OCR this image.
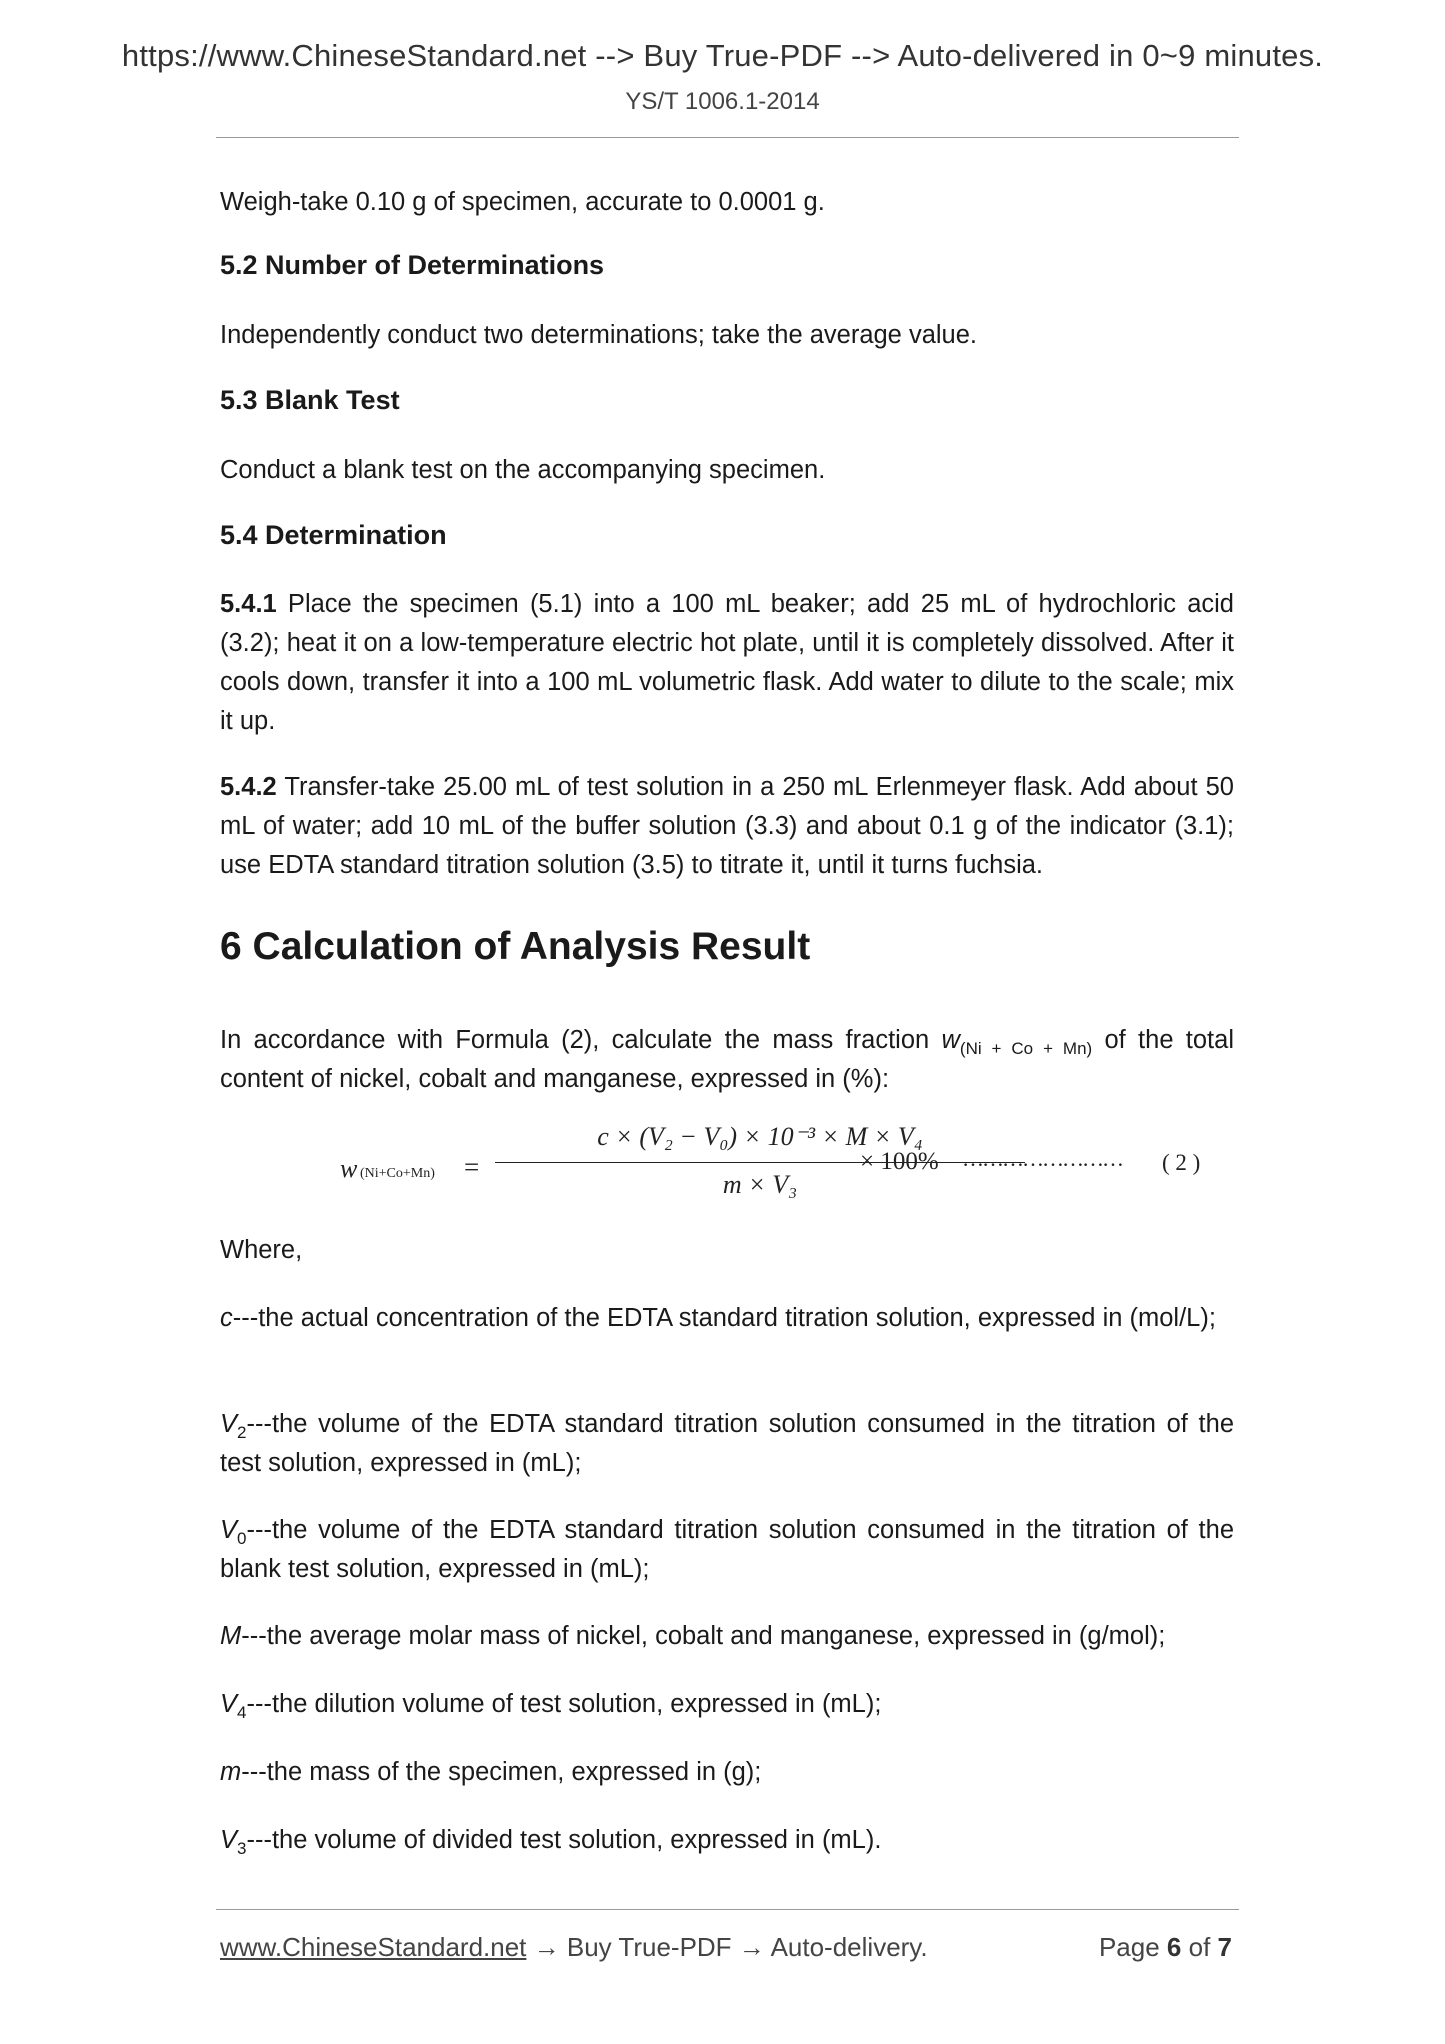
https://www.ChineseStandard.net --> Buy True-PDF --> Auto-delivered in 0~9 minutes.
YS/T 1006.1-2014
Weigh-take 0.10 g of specimen, accurate to 0.0001 g.
5.2 Number of Determinations
Independently conduct two determinations; take the average value.
5.3 Blank Test
Conduct a blank test on the accompanying specimen.
5.4 Determination
5.4.1 Place the specimen (5.1) into a 100 mL beaker; add 25 mL of hydrochloric acid (3.2); heat it on a low-temperature electric hot plate, until it is completely dissolved. After it cools down, transfer it into a 100 mL volumetric flask. Add water to dilute to the scale; mix it up.
5.4.2 Transfer-take 25.00 mL of test solution in a 250 mL Erlenmeyer flask. Add about 50 mL of water; add 10 mL of the buffer solution (3.3) and about 0.1 g of the indicator (3.1); use EDTA standard titration solution (3.5) to titrate it, until it turns fuchsia.
6 Calculation of Analysis Result
In accordance with Formula (2), calculate the mass fraction $w_{(Ni + Co + Mn)}$ of the total content of nickel, cobalt and manganese, expressed in (%):
w (Ni+Co+Mn) =
c × (V₂ − V₀) × 10⁻³ × M × V₄
m × V₃
× 100% …………………… ( 2 )
Where,
c---the actual concentration of the EDTA standard titration solution, expressed in (mol/L);
$V_2--$-the volume of the EDTA standard titration solution consumed in the titration of the test solution, expressed in (mL);
$V_0--$-the volume of the EDTA standard titration solution consumed in the titration of the blank test solution, expressed in (mL);
M---the average molar mass of nickel, cobalt and manganese, expressed in (g/mol);
$V_4--$-the dilution volume of test solution, expressed in (mL);
m---the mass of the specimen, expressed in (g);
$V_3--$-the volume of divided test solution, expressed in (mL).
www.ChineseStandard.net → Buy True-PDF → Auto-delivery.	Page 6 of 7
